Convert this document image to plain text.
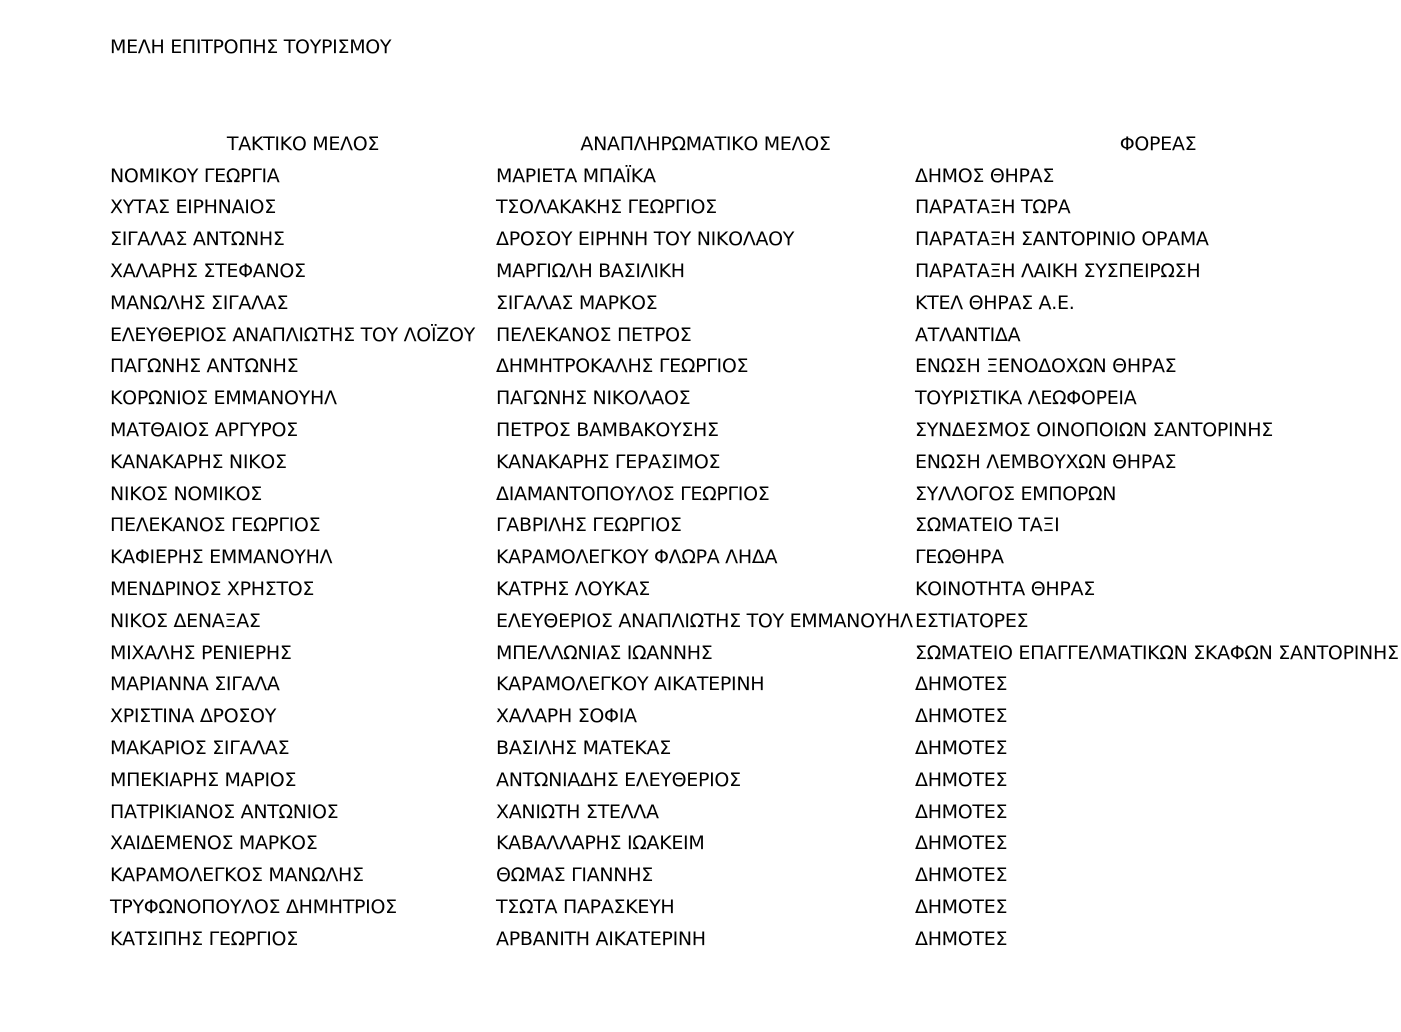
ΜΕΛΗ ΕΠΙΤΡΟΠΗΣ ΤΟΥΡΙΣΜΟΥ
ΤΑΚΤΙΚΟ ΜΕΛΟΣ	ΑΝΑΠΛΗΡΩΜΑΤΙΚΟ ΜΕΛΟΣ	ΦΟΡΕΑΣ
ΝΟΜΙΚΟΥ ΓΕΩΡΓΙΑ	ΜΑΡΙΕΤΑ ΜΠΑΪΚΑ	ΔΗΜΟΣ ΘΗΡΑΣ
ΧΥΤΑΣ ΕΙΡΗΝΑΙΟΣ	ΤΣΟΛΑΚΑΚΗΣ ΓΕΩΡΓΙΟΣ	ΠΑΡΑΤΑΞΗ ΤΩΡΑ
ΣΙΓΑΛΑΣ ΑΝΤΩΝΗΣ	ΔΡΟΣΟΥ ΕΙΡΗΝΗ ΤΟΥ ΝΙΚΟΛΑΟΥ	ΠΑΡΑΤΑΞΗ ΣΑΝΤΟΡΙΝΙΟ ΟΡΑΜΑ
ΧΑΛΑΡΗΣ ΣΤΕΦΑΝΟΣ	ΜΑΡΓΙΩΛΗ ΒΑΣΙΛΙΚΗ	ΠΑΡΑΤΑΞΗ ΛΑΙΚΗ ΣΥΣΠΕΙΡΩΣΗ
ΜΑΝΩΛΗΣ ΣΙΓΑΛΑΣ	ΣΙΓΑΛΑΣ ΜΑΡΚΟΣ	ΚΤΕΛ ΘΗΡΑΣ Α.Ε.
ΕΛΕΥΘΕΡΙΟΣ ΑΝΑΠΛΙΩΤΗΣ ΤΟΥ ΛΟΪΖΟΥ	ΠΕΛΕΚΑΝΟΣ ΠΕΤΡΟΣ	ΑΤΛΑΝΤΙΔΑ
ΠΑΓΩΝΗΣ ΑΝΤΩΝΗΣ	ΔΗΜΗΤΡΟΚΑΛΗΣ ΓΕΩΡΓΙΟΣ	ΕΝΩΣΗ ΞΕΝΟΔΟΧΩΝ ΘΗΡΑΣ
ΚΟΡΩΝΙΟΣ ΕΜΜΑΝΟΥΗΛ	ΠΑΓΩΝΗΣ ΝΙΚΟΛΑΟΣ	ΤΟΥΡΙΣΤΙΚΑ ΛΕΩΦΟΡΕΙΑ
ΜΑΤΘΑΙΟΣ ΑΡΓΥΡΟΣ	ΠΕΤΡΟΣ ΒΑΜΒΑΚΟΥΣΗΣ	ΣΥΝΔΕΣΜΟΣ ΟΙΝΟΠΟΙΩΝ ΣΑΝΤΟΡΙΝΗΣ
ΚΑΝΑΚΑΡΗΣ ΝΙΚΟΣ	ΚΑΝΑΚΑΡΗΣ ΓΕΡΑΣΙΜΟΣ	ΕΝΩΣΗ ΛΕΜΒΟΥΧΩΝ ΘΗΡΑΣ
ΝΙΚΟΣ ΝΟΜΙΚΟΣ	ΔΙΑΜΑΝΤΟΠΟΥΛΟΣ ΓΕΩΡΓΙΟΣ	ΣΥΛΛΟΓΟΣ ΕΜΠΟΡΩΝ
ΠΕΛΕΚΑΝΟΣ ΓΕΩΡΓΙΟΣ	ΓΑΒΡΙΛΗΣ ΓΕΩΡΓΙΟΣ	ΣΩΜΑΤΕΙΟ ΤΑΞΙ
ΚΑΦΙΕΡΗΣ ΕΜΜΑΝΟΥΗΛ	ΚΑΡΑΜΟΛΕΓΚΟΥ ΦΛΩΡΑ ΛΗΔΑ	ΓΕΩΘΗΡΑ
ΜΕΝΔΡΙΝΟΣ ΧΡΗΣΤΟΣ	ΚΑΤΡΗΣ ΛΟΥΚΑΣ	ΚΟΙΝΟΤΗΤΑ ΘΗΡΑΣ
ΝΙΚΟΣ ΔΕΝΑΞΑΣ	ΕΛΕΥΘΕΡΙΟΣ ΑΝΑΠΛΙΩΤΗΣ ΤΟΥ ΕΜΜΑΝΟΥΗΛ	ΕΣΤΙΑΤΟΡΕΣ
ΜΙΧΑΛΗΣ ΡΕΝΙΕΡΗΣ	ΜΠΕΛΛΩΝΙΑΣ ΙΩΑΝΝΗΣ	ΣΩΜΑΤΕΙΟ ΕΠΑΓΓΕΛΜΑΤΙΚΩΝ ΣΚΑΦΩΝ ΣΑΝΤΟΡΙΝΗΣ
ΜΑΡΙΑΝΝΑ ΣΙΓΑΛΑ	ΚΑΡΑΜΟΛΕΓΚΟΥ ΑΙΚΑΤΕΡΙΝΗ	ΔΗΜΟΤΕΣ
ΧΡΙΣΤΙΝΑ ΔΡΟΣΟΥ	ΧΑΛΑΡΗ ΣΟΦΙΑ	ΔΗΜΟΤΕΣ
ΜΑΚΑΡΙΟΣ ΣΙΓΑΛΑΣ	ΒΑΣΙΛΗΣ ΜΑΤΕΚΑΣ	ΔΗΜΟΤΕΣ
ΜΠΕΚΙΑΡΗΣ ΜΑΡΙΟΣ	ΑΝΤΩΝΙΑΔΗΣ ΕΛΕΥΘΕΡΙΟΣ	ΔΗΜΟΤΕΣ
ΠΑΤΡΙΚΙΑΝΟΣ ΑΝΤΩΝΙΟΣ	ΧΑΝΙΩΤΗ ΣΤΕΛΛΑ	ΔΗΜΟΤΕΣ
ΧΑΙΔΕΜΕΝΟΣ ΜΑΡΚΟΣ	ΚΑΒΑΛΛΑΡΗΣ ΙΩΑΚΕΙΜ	ΔΗΜΟΤΕΣ
ΚΑΡΑΜΟΛΕΓΚΟΣ ΜΑΝΩΛΗΣ	ΘΩΜΑΣ ΓΙΑΝΝΗΣ	ΔΗΜΟΤΕΣ
ΤΡΥΦΩΝΟΠΟΥΛΟΣ ΔΗΜΗΤΡΙΟΣ	ΤΣΩΤΑ ΠΑΡΑΣΚΕΥΗ	ΔΗΜΟΤΕΣ
ΚΑΤΣΙΠΗΣ ΓΕΩΡΓΙΟΣ	ΑΡΒΑΝΙΤΗ ΑΙΚΑΤΕΡΙΝΗ	ΔΗΜΟΤΕΣ
